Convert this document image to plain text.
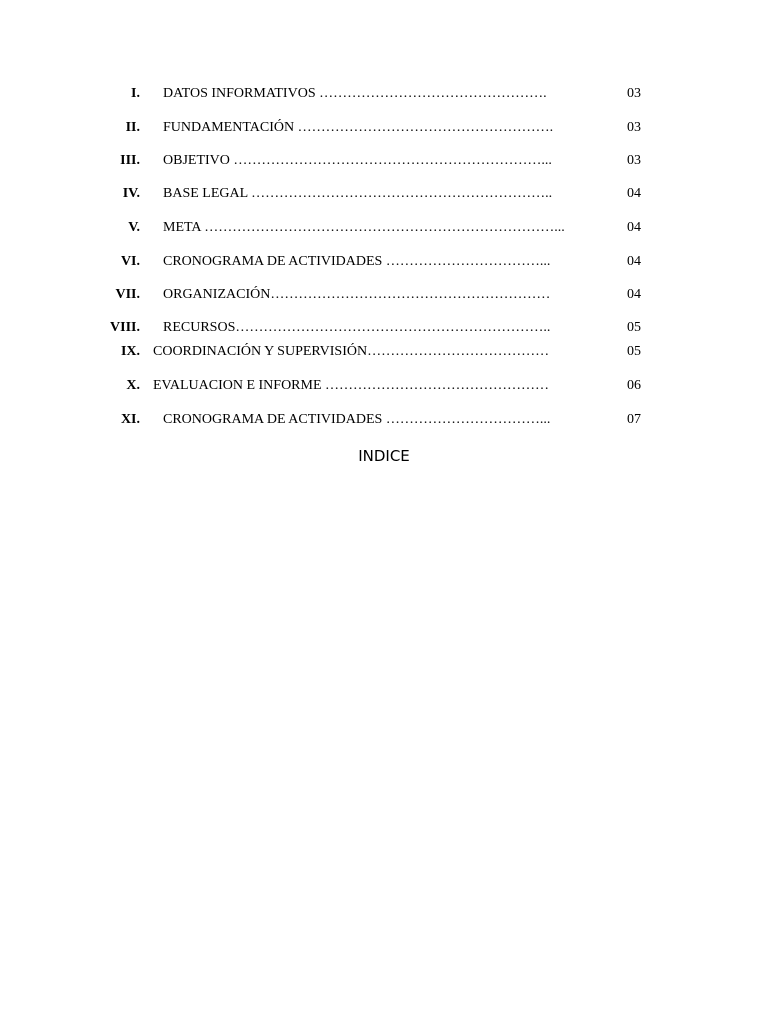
I. DATOS INFORMATIVOS ………………………………………….	03
II. FUNDAMENTACIÓN ……………………………………………….	03
III. OBJETIVO …………………………………………………………...	03
IV. BASE LEGAL ………………………………………………………..	04
V. META …………………………………………………………………...	04
VI. CRONOGRAMA DE ACTIVIDADES ……………………………...	04
VII. ORGANIZACIÓN……………………………………………………	04
VIII. RECURSOS…………………………………………………………..	05
IX. COORDINACIÓN Y SUPERVISIÓN…………………………………	05
X. EVALUACION E INFORME …………………………………………	06
XI. CRONOGRAMA DE ACTIVIDADES ……………………………...	07
INDICE
